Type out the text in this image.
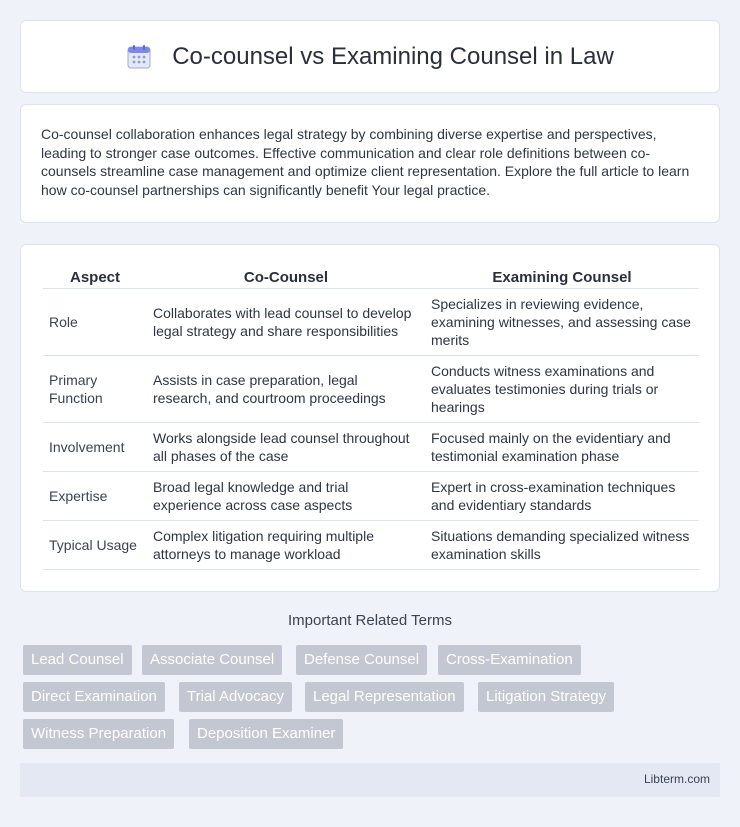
Co-counsel vs Examining Counsel in Law

Co-counsel collaboration enhances legal strategy by combining diverse expertise and perspectives, leading to stronger case outcomes. Effective communication and clear role definitions between co-counsels streamline case management and optimize client representation. Explore the full article to learn how co-counsel partnerships can significantly benefit Your legal practice.

Aspect	Co-Counsel	Examining Counsel
Role	Collaborates with lead counsel to develop legal strategy and share responsibilities	Specializes in reviewing evidence, examining witnesses, and assessing case merits
Primary Function	Assists in case preparation, legal research, and courtroom proceedings	Conducts witness examinations and evaluates testimonies during trials or hearings
Involvement	Works alongside lead counsel throughout all phases of the case	Focused mainly on the evidentiary and testimonial examination phase
Expertise	Broad legal knowledge and trial experience across case aspects	Expert in cross-examination techniques and evidentiary standards
Typical Usage	Complex litigation requiring multiple attorneys to manage workload	Situations demanding specialized witness examination skills
Important Related Terms
Lead Counsel	Associate Counsel	Defense Counsel	Cross-Examination
Direct Examination	Trial Advocacy	Legal Representation	Litigation Strategy
Witness Preparation	Deposition Examiner
Libterm.com
